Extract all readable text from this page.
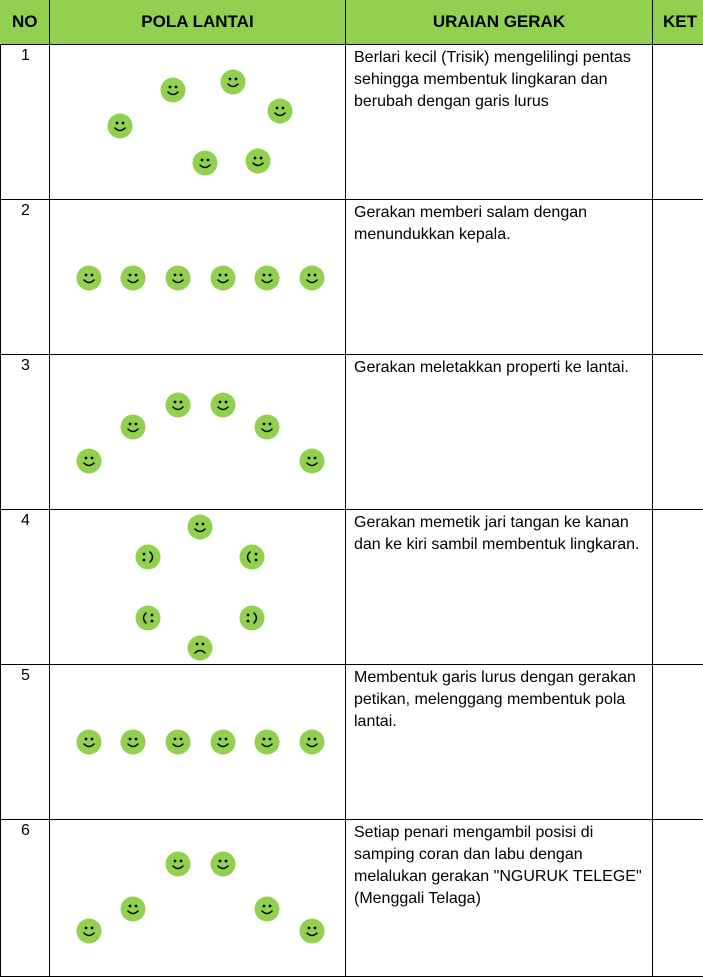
NO	POLA LANTAI	URAIAN GERAK	KET
1	Berlari kecil (Trisik) mengelilingi pentas sehingga membentuk lingkaran dan berubah dengan garis lurus
2	Gerakan memberi salam dengan menundukkan kepala.
3	Gerakan meletakkan properti ke lantai.
4	Gerakan memetik jari tangan ke kanan dan ke kiri sambil membentuk lingkaran.
5	Membentuk garis lurus dengan gerakan petikan, melenggang membentuk pola lantai.
6	Setiap penari mengambil posisi di samping coran dan labu dengan melalukan gerakan "NGURUK TELEGE" (Menggali Telaga)
